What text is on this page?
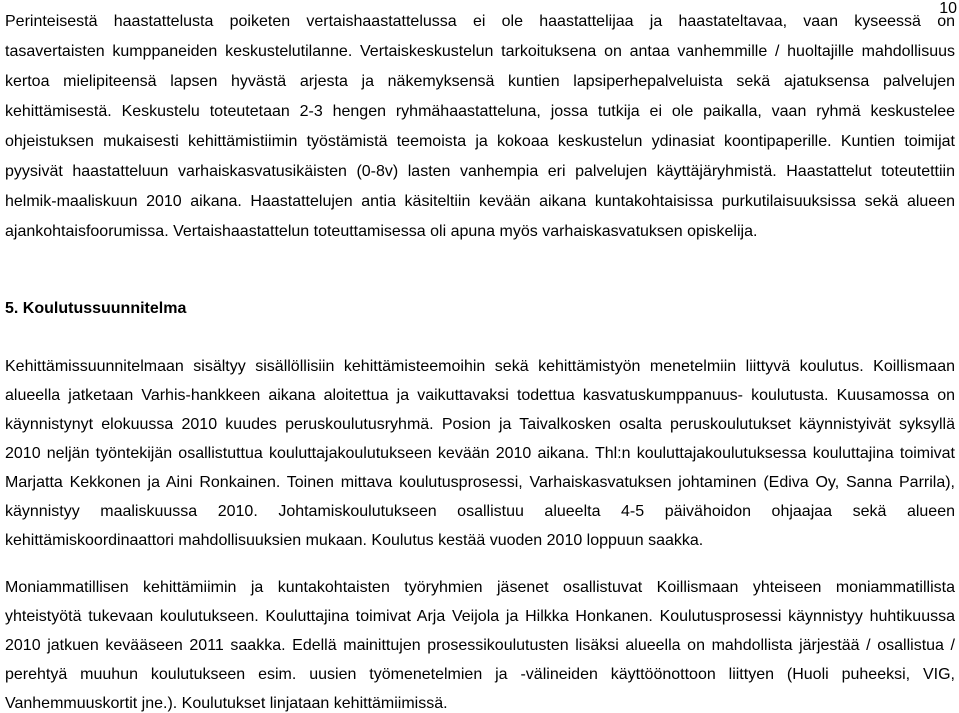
10
Perinteisestä haastattelusta poiketen vertaishaastattelussa ei ole haastattelijaa ja haastateltavaa, vaan kyseessä on
tasavertaisten kumppaneiden keskustelutilanne. Vertaiskeskustelun tarkoituksena on antaa vanhemmille / huoltajille mahdollisuus
kertoa mielipiteensä lapsen hyvästä arjesta ja näkemyksensä kuntien lapsiperhepalveluista sekä ajatuksensa palvelujen
kehittämisestä. Keskustelu toteutetaan 2-3 hengen ryhmähaastatteluna, jossa tutkija ei ole paikalla, vaan ryhmä keskustelee
ohjeistuksen mukaisesti kehittämistiimin työstämistä teemoista ja kokoaa keskustelun ydinasiat koontipaperille. Kuntien toimijat
pyysivät haastatteluun varhaiskasvatusikäisten (0-8v) lasten vanhempia eri palvelujen käyttäjäryhmistä. Haastattelut toteutettiin
helmik-maaliskuun 2010 aikana. Haastattelujen antia käsiteltiin kevään aikana kuntakohtaisissa purkutilaisuuksissa sekä alueen
ajankohtaisfoorumissa. Vertaishaastattelun toteuttamisessa oli apuna myös varhaiskasvatuksen opiskelija.
5. Koulutussuunnitelma
Kehittämissuunnitelmaan sisältyy sisällöllisiin kehittämisteemoihin sekä kehittämistyön menetelmiin liittyvä koulutus. Koillismaan
alueella jatketaan Varhis-hankkeen aikana aloitettua ja vaikuttavaksi todettua kasvatuskumppanuus- koulutusta. Kuusamossa on
käynnistynyt elokuussa 2010 kuudes peruskoulutusryhmä. Posion ja Taivalkosken osalta peruskoulutukset käynnistyivät syksyllä
2010 neljän työntekijän osallistuttua kouluttajakoulutukseen kevään 2010 aikana. Thl:n kouluttajakoulutuksessa kouluttajina toimivat
Marjatta Kekkonen ja Aini Ronkainen. Toinen mittava koulutusprosessi, Varhaiskasvatuksen johtaminen (Ediva Oy, Sanna Parrila),
käynnistyy maaliskuussa 2010. Johtamiskoulutukseen osallistuu alueelta 4-5 päivähoidon ohjaajaa sekä alueen
kehittämiskoordinaattori mahdollisuuksien mukaan. Koulutus kestää vuoden 2010 loppuun saakka.
Moniammatillisen kehittämiimin ja kuntakohtaisten työryhmien jäsenet osallistuvat Koillismaan yhteiseen moniammatillista
yhteistyötä tukevaan koulutukseen. Kouluttajina toimivat Arja Veijola ja Hilkka Honkanen. Koulutusprosessi käynnistyy huhtikuussa
2010 jatkuen kevääseen 2011 saakka. Edellä mainittujen prosessikoulutusten lisäksi alueella on mahdollista järjestää / osallistua /
perehtyä muuhun koulutukseen esim. uusien työmenetelmien ja -välineiden käyttöönottoon liittyen (Huoli puheeksi, VIG,
Vanhemmuuskortit jne.). Koulutukset linjataan kehittämiimissä.
